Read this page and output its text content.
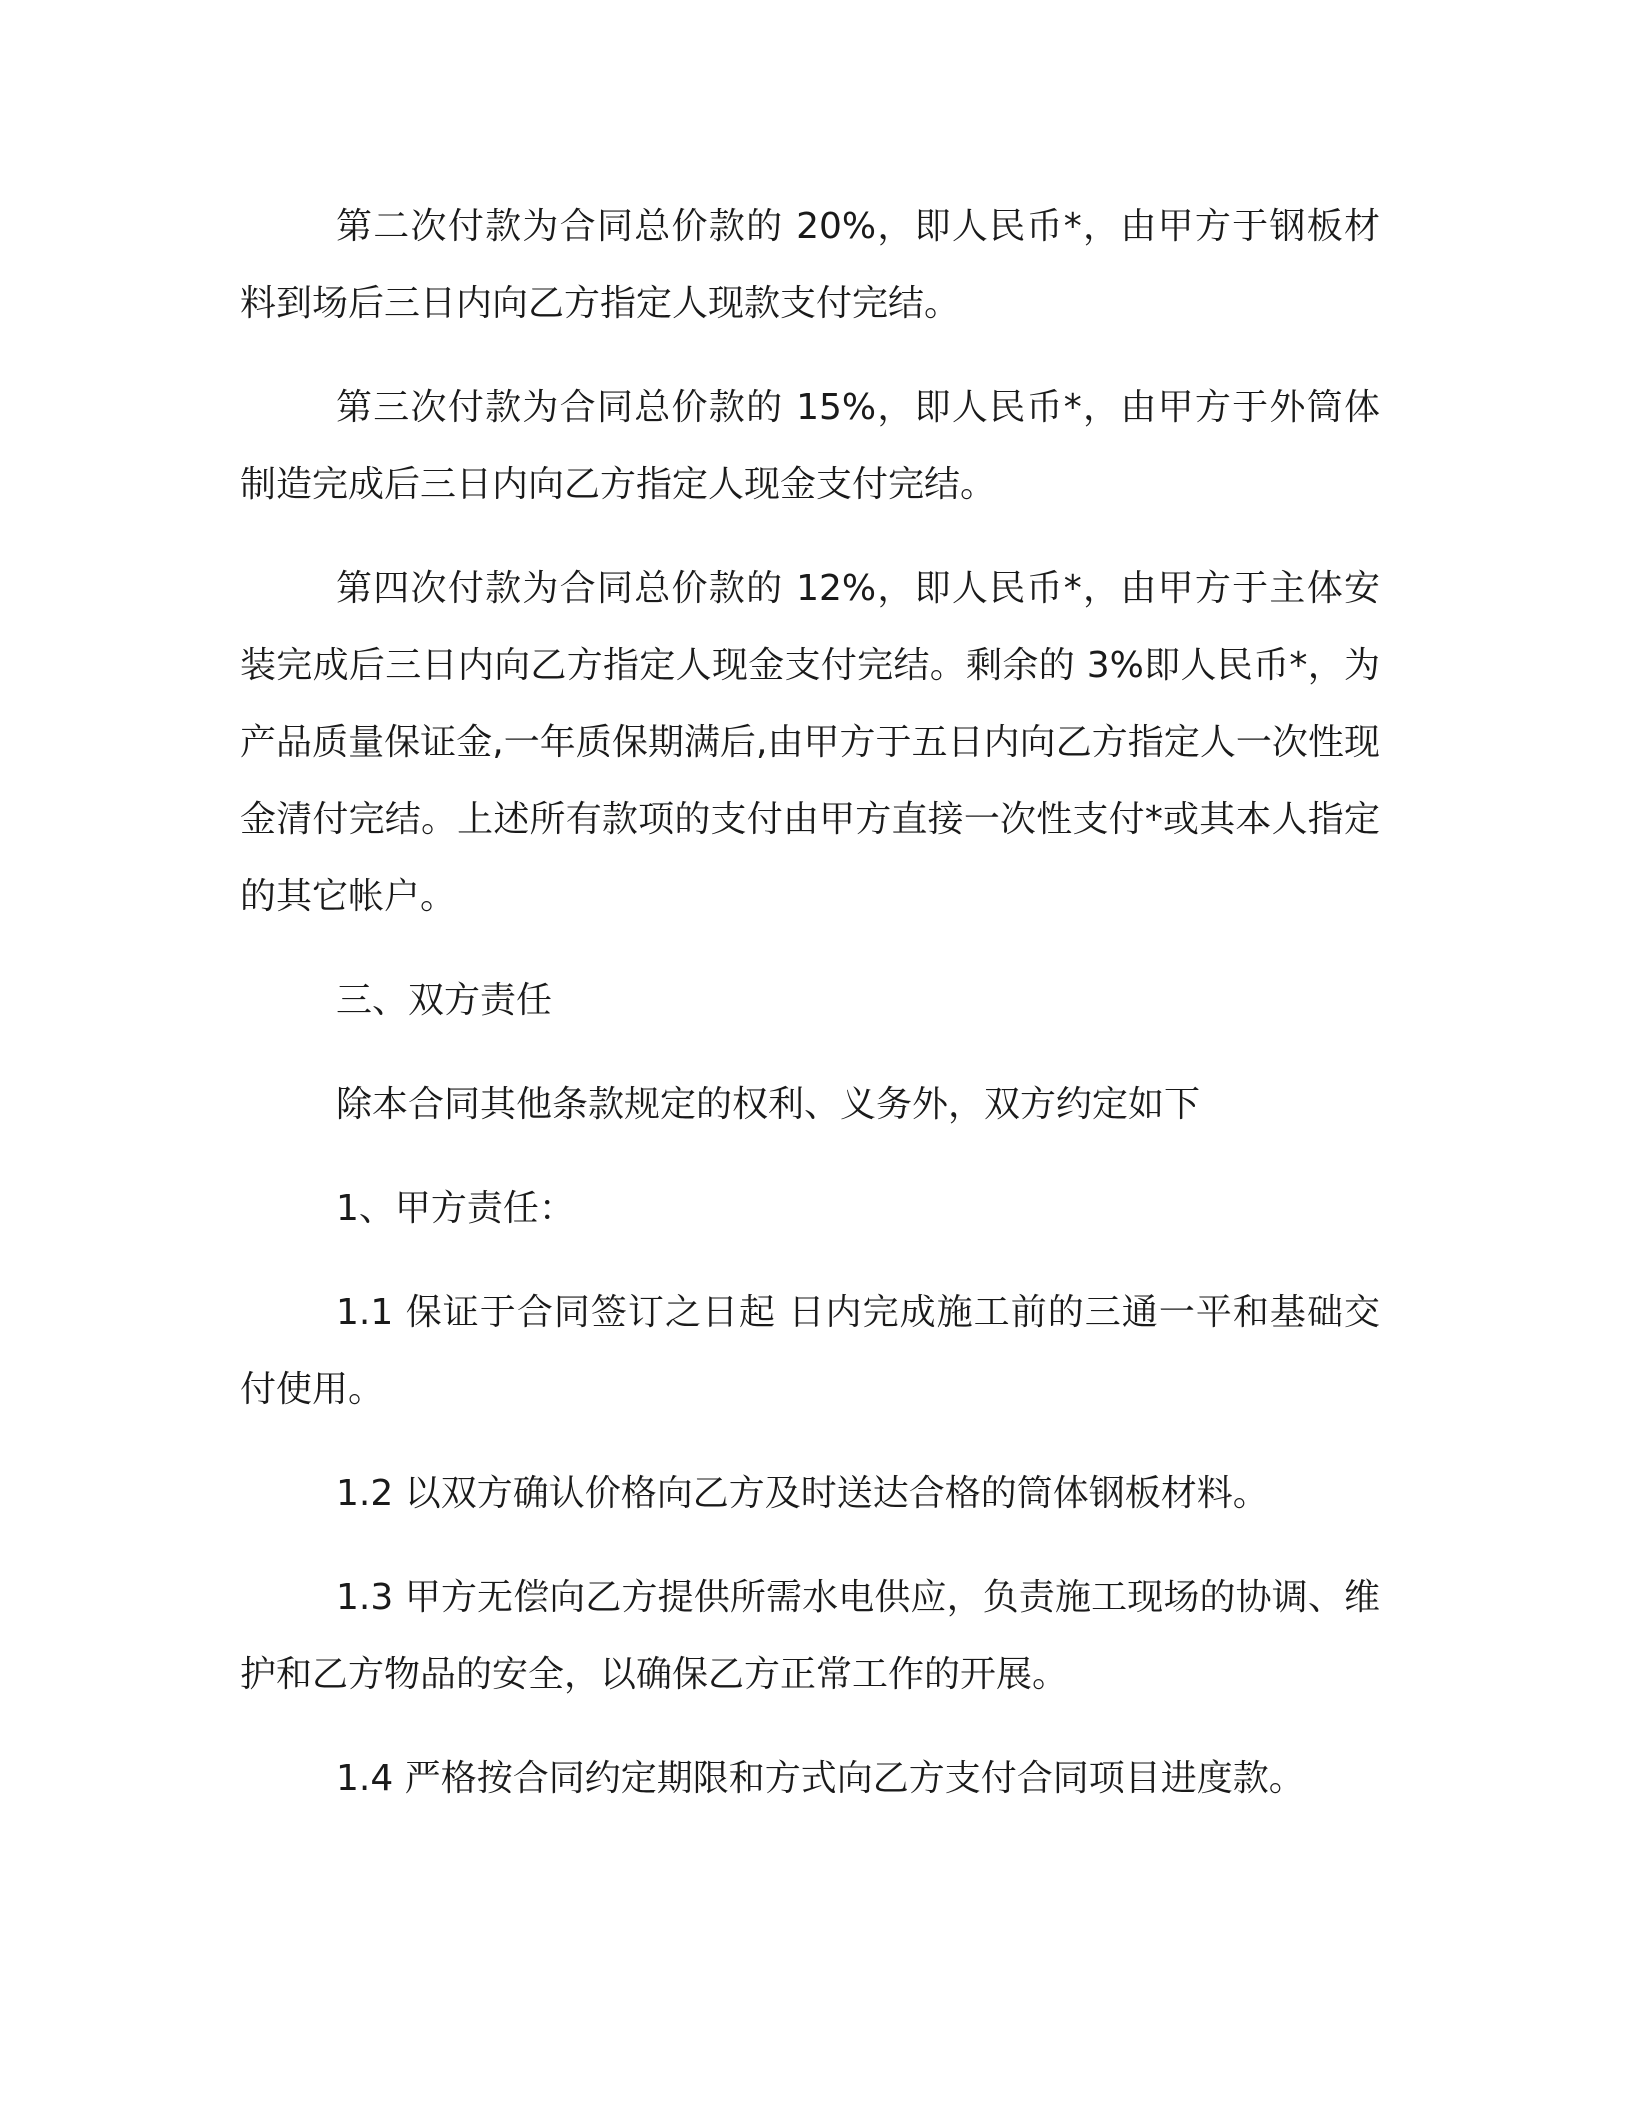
第二次付款为合同总价款的 20%，即人民币*，由甲方于钢板材料到场后三日内向乙方指定人现款支付完结。

第三次付款为合同总价款的 15%，即人民币*，由甲方于外筒体制造完成后三日内向乙方指定人现金支付完结。

第四次付款为合同总价款的 12%，即人民币*，由甲方于主体安装完成后三日内向乙方指定人现金支付完结。剩余的 3%即人民币*，为产品质量保证金,一年质保期满后,由甲方于五日内向乙方指定人一次性现金清付完结。上述所有款项的支付由甲方直接一次性支付*或其本人指定的其它帐户。

三、双方责任

除本合同其他条款规定的权利、义务外，双方约定如下

1、甲方责任：

1.1 保证于合同签订之日起 日内完成施工前的三通一平和基础交付使用。

1.2 以双方确认价格向乙方及时送达合格的筒体钢板材料。

1.3 甲方无偿向乙方提供所需水电供应，负责施工现场的协调、维护和乙方物品的安全，以确保乙方正常工作的开展。

1.4 严格按合同约定期限和方式向乙方支付合同项目进度款。
